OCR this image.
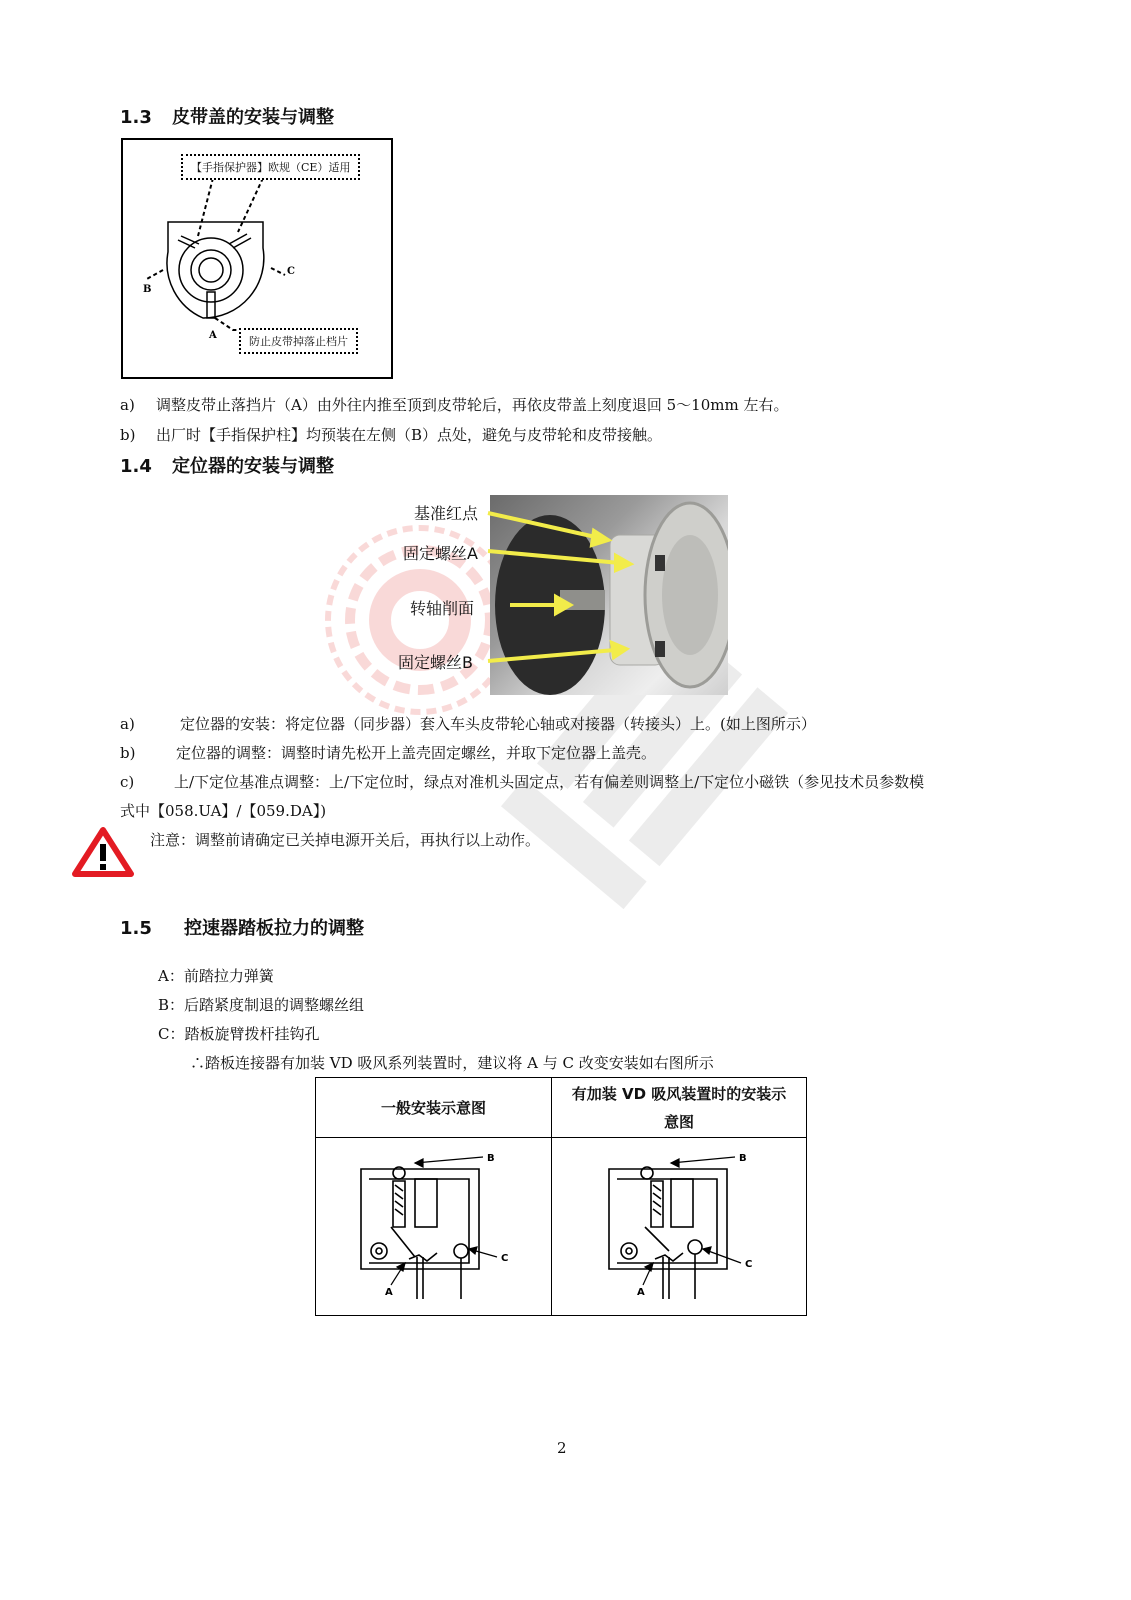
1.3 皮带盖的安装与调整
B
C
A
【手指保护器】欧规（CE）适用
防止皮带掉落止档片
a) 调整皮带止落挡片（A）由外往内推至顶到皮带轮后，再依皮带盖上刻度退回 5～10mm 左右。
b) 出厂时【手指保护柱】均预装在左侧（B）点处，避免与皮带轮和皮带接触。
1.4 定位器的安装与调整
基准红点
固定螺丝A
转轴削面
固定螺丝B
a)	定位器的安装：将定位器（同步器）套入车头皮带轮心轴或对接器（转接头）上。(如上图所示）
b)	定位器的调整：调整时请先松开上盖壳固定螺丝，并取下定位器上盖壳。
c)	上/下定位基准点调整：上/下定位时，绿点对准机头固定点，若有偏差则调整上/下定位小磁铁（参见技术员参数模
式中【058.UA】/【059.DA】)
注意：调整前请确定已关掉电源开关后，再执行以上动作。
1.5 控速器踏板拉力的调整
A：前踏拉力弹簧
B：后踏紧度制退的调整螺丝组
C：踏板旋臂拨杆挂钩孔
∴踏板连接器有加装 VD 吸风系列装置时，建议将 A 与 C 改变安装如右图所示
一般安装示意图	有加装 VD 吸风装置时的安装示意图

B
C
A	B
C
A
2
